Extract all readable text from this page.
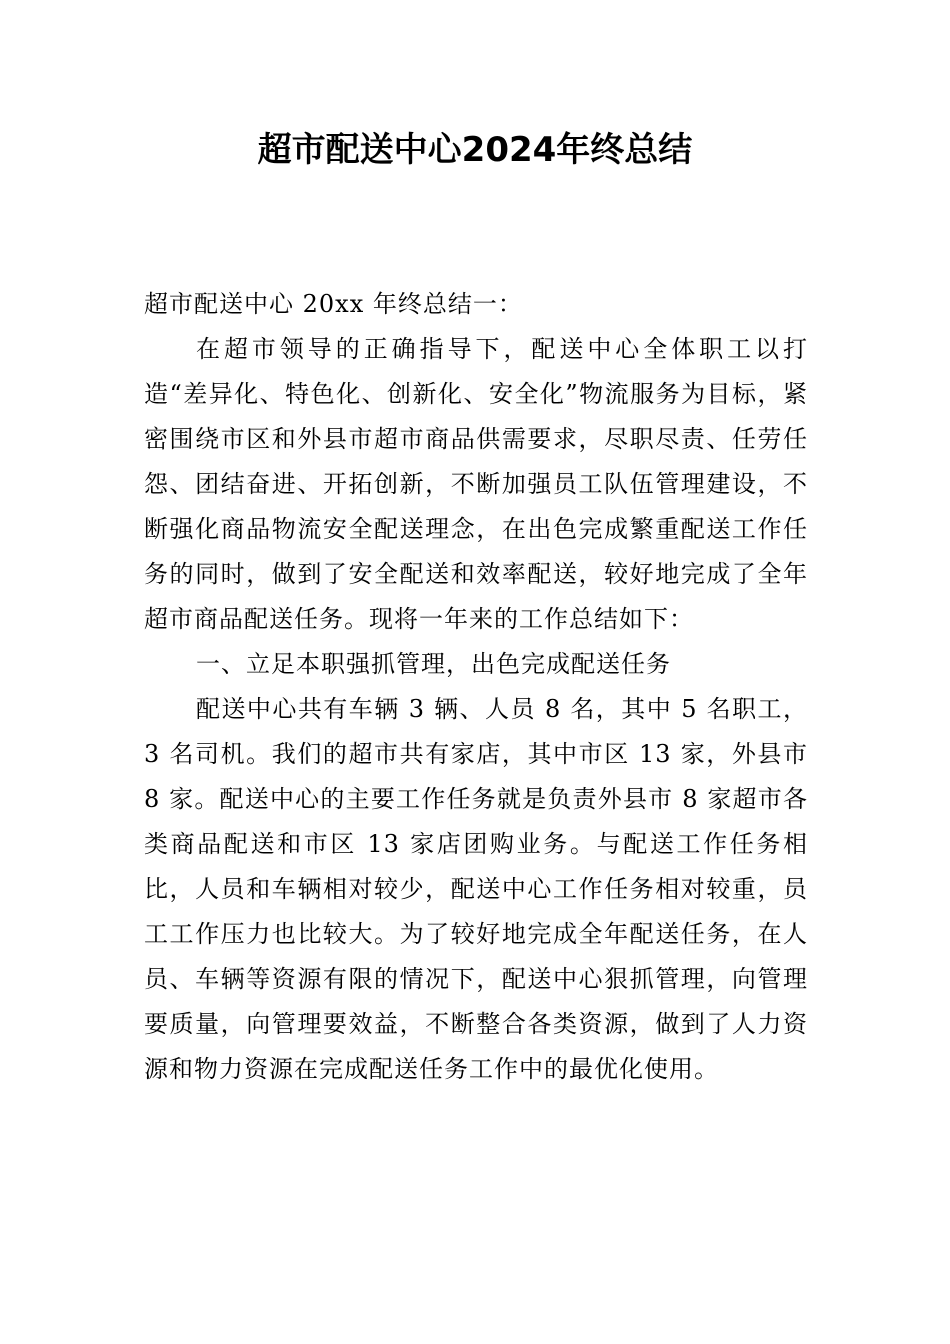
超市配送中心2024年终总结

超市配送中心 20xx 年终总结一：

在超市领导的正确指导下，配送中心全体职工以打造“差异化、特色化、创新化、安全化”物流服务为目标，紧密围绕市区和外县市超市商品供需要求，尽职尽责、任劳任怨、团结奋进、开拓创新，不断加强员工队伍管理建设，不断强化商品物流安全配送理念，在出色完成繁重配送工作任务的同时，做到了安全配送和效率配送，较好地完成了全年超市商品配送任务。现将一年来的工作总结如下：

一、立足本职强抓管理，出色完成配送任务

配送中心共有车辆 3 辆、人员 8 名，其中 5 名职工，3 名司机。我们的超市共有家店，其中市区 13 家，外县市 8 家。配送中心的主要工作任务就是负责外县市 8 家超市各类商品配送和市区 13 家店团购业务。与配送工作任务相比，人员和车辆相对较少，配送中心工作任务相对较重，员工工作压力也比较大。为了较好地完成全年配送任务，在人员、车辆等资源有限的情况下，配送中心狠抓管理，向管理要质量，向管理要效益，不断整合各类资源，做到了人力资源和物力资源在完成配送任务工作中的最优化使用。
